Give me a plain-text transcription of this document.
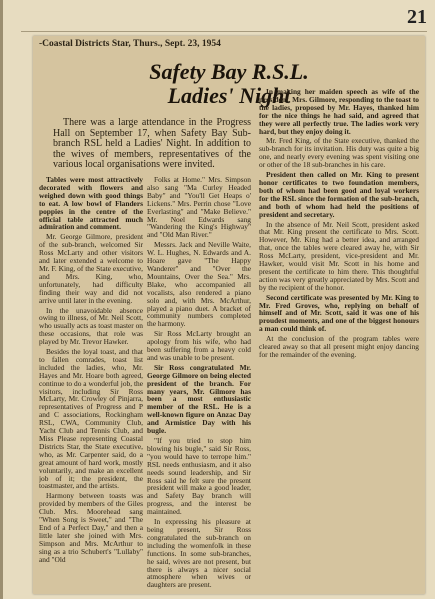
21
-Coastal Districts Star, Thurs., Sept. 23, 1954
Safety Bay R.S.L.
Ladies' Night

There was a large attendance in the Progress Hall on September 17, when Safety Bay Sub-branch RSL held a Ladies' Night. In addition to the wives of members, representatives of the various local organisations were invited.

Tables were most attractively decorated with flowers and weighed down with good things to eat. A low bowl of Flanders poppies in the centre of the official table attracted much admiration and comment.

Mr. George Gilmore, president of the sub-branch, welcomed Sir Ross McLarty and other visitors and later extended a welcome to Mr. F. King, of the State executive, and Mrs. King, who, unfortunately, had difficulty finding their way and did not arrive until later in the evening.

In the unavoidable absence owing to illness, of Mr. Neil Scott, who usually acts as toast master on these occasions, that role was played by Mr. Trevor Hawker.

Besides the loyal toast, and that to fallen comrades, toast list included the ladies, who, Mr. Hayes and Mr. Hoare both agreed, continue to do a wonderful job, the visitors, including Sir Ross McLarty, Mr. Crowley of Pinjarra, representatives of Progress and P and C associations, Rockingham RSL, CWA, Community Club, Yacht Club and Tennis Club, and Miss Please representing Coastal Districts Star, the State executive, who, as Mr. Carpenter said, do a great amount of hard work, mostly voluntarily, and make an excellent job of it; the president, the toastmaster, and the artists.

Harmony between toasts was provided by members of the Giles Club. Mrs. Moorehead sang "When Song is Sweet," and "The End of a Perfect Day," and then a little later she joined with Mrs. Simpson and Mrs. McArthur to sing as a trio Schubert's "Lullaby" and "Old

Folks at Home." Mrs. Simpson also sang "Ma Curley Headed Baby" and "You'll Get Heaps o' Lickens." Mrs. Perrin chose "Love Everlasting" and "Make Believe." Mr. Noel Edwards sang "Wandering the King's Highway" and "Old Man River."

Messrs. Jack and Neville Waite, W. L. Hughes, N. Edwards and A. Hoare gave "The Happy Wanderer" and "Over the Mountains, Over the Sea." Mrs. Blake, who accompanied all vocalists, also rendered a piano solo and, with Mrs. McArthur, played a piano duet. A bracket of community numbers completed the harmony.

Sir Ross McLarty brought an apology from his wife, who had been suffering from a heavy cold and was unable to be present.

Sir Ross congratulated Mr. George Gilmore on being elected president of the branch. For many years, Mr. Gilmore has been a most enthusiastic member of the RSL. He is a well-known figure on Anzac Day and Armistice Day with his bugle.

"If you tried to stop him blowing his bugle," said Sir Ross, "you would have to terrope him." RSL needs enthusiasm, and it also needs sound leadership, and Sir Ross said he felt sure the present president will make a good leader, and Safety Bay branch will progress, and the interest be maintained.

In expressing his pleasure at being present, Sir Ross congratulated the sub-branch on including the womenfolk in these functions. In some sub-branches, he said, wives are not present, but there is always a nicer social atmosphere when wives or daughters are present.

In making her maiden speech as wife of the president, Mrs. Gilmore, responding to the toast to the ladies, proposed by Mr. Hayes, thanked him for the nice things he had said, and agreed that they were all perfectly true. The ladies work very hard, but they enjoy doing it.

Mr. Fred King, of the State executive, thanked the sub-branch for its invitation. His duty was quite a big one, and nearly every evening was spent visiting one or other of the 18 sub-branches in his care.

President then called on Mr. King to present honor certificates to two foundation members, both of whom had been good and loyal workers for the RSL since the formation of the sub-branch, and both of whom had held the positions of president and secretary.

In the absence of Mr. Neil Scott, president asked that Mr. King present the certificate to Mrs. Scott. However, Mr. King had a better idea, and arranged that, once the tables were cleared away he, with Sir Ross McLarty, president, vice-president and Mr. Hawker, would visit Mr. Scott in his home and present the certificate to him there. This thoughtful action was very greatly appreciated by Mrs. Scott and by the recipient of the honor.

Second certificate was presented by Mr. King to Mr. Fred Groves, who, replying on behalf of himself and of Mr. Scott, said it was one of his proudest moments, and one of the biggest honours a man could think of.

At the conclusion of the program tables were cleared away so that all present might enjoy dancing for the remainder of the evening.
